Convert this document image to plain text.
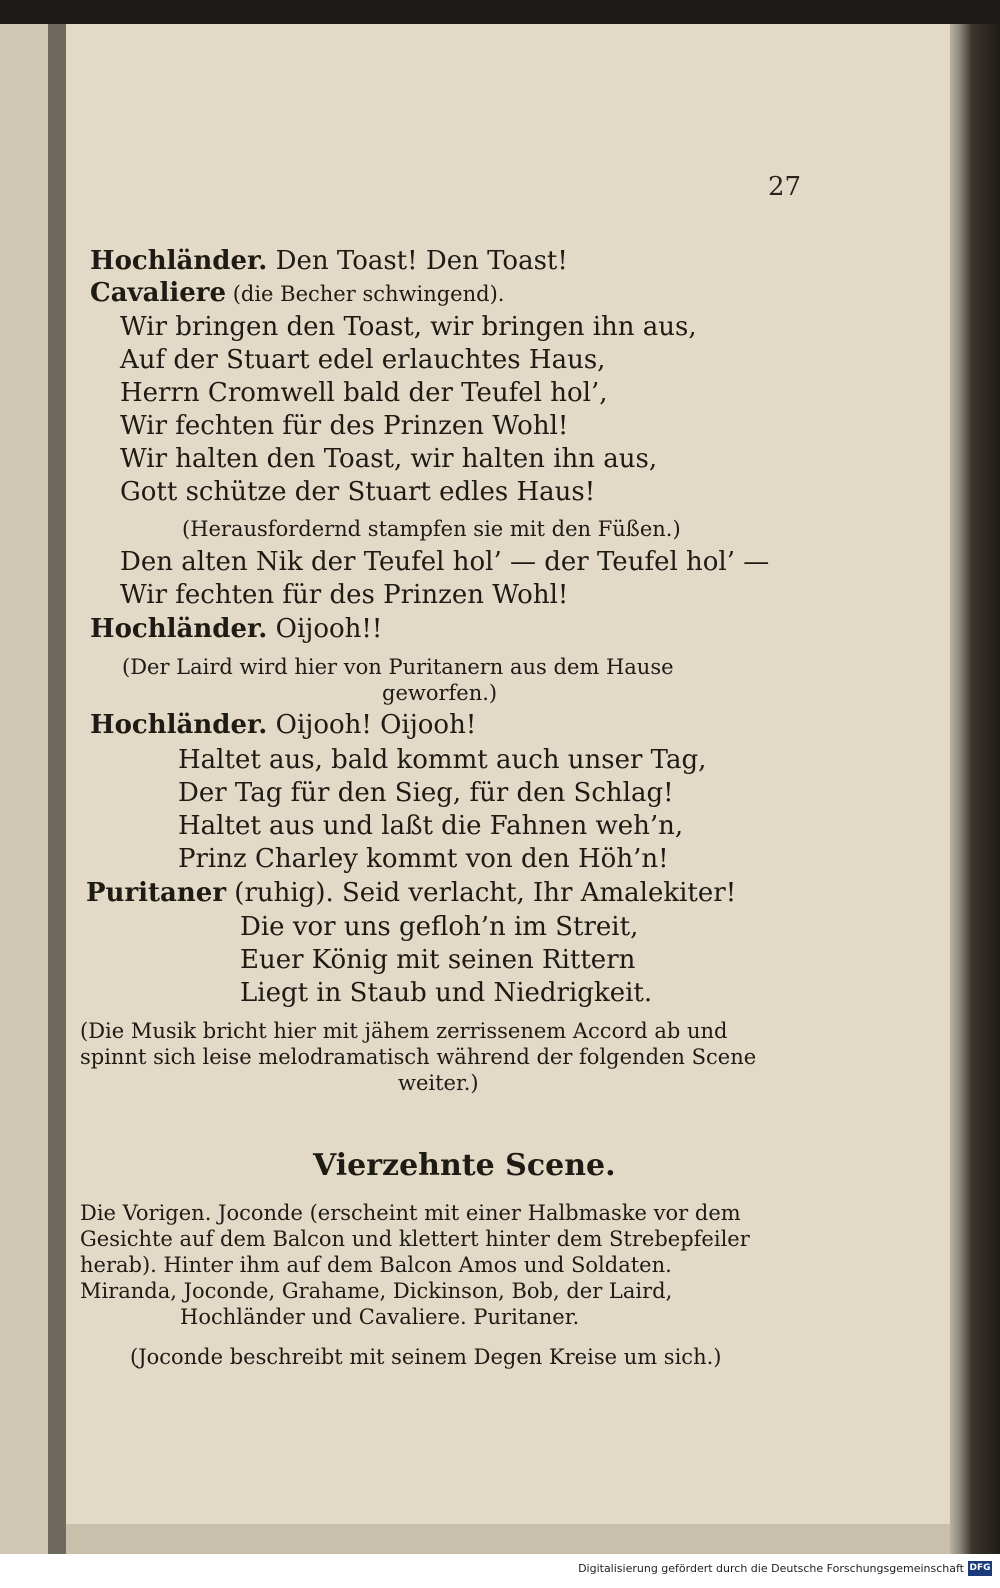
Hochländer. Den Toast! Den Toast!
Cavaliere (die Becher schwingend).
Wir bringen den Toast, wir bringen ihn aus,
Auf der Stuart edel erlauchtes Haus,
Herrn Cromwell bald der Teufel hol’,
Wir fechten für des Prinzen Wohl!
Wir halten den Toast, wir halten ihn aus,
Gott schütze der Stuart edles Haus!
(Herausfordernd stampfen sie mit den Füßen.)
Den alten Nik der Teufel hol’ — der Teufel hol’ —
Wir fechten für des Prinzen Wohl!
Hochländer. Oijooh!!
(Der Laird wird hier von Puritanern aus dem Hause
geworfen.)
Hochländer. Oijooh! Oijooh!
Haltet aus, bald kommt auch unser Tag,
Der Tag für den Sieg, für den Schlag!
Haltet aus und laßt die Fahnen weh’n,
Prinz Charley kommt von den Höh’n!
Puritaner (ruhig). Seid verlacht, Ihr Amalekiter!
Die vor uns gefloh’n im Streit,
Euer König mit seinen Rittern
Liegt in Staub und Niedrigkeit.
(Die Musik bricht hier mit jähem zerrissenem Accord ab und
spinnt sich leise melodramatisch während der folgenden Scene
weiter.)
Die Vorigen. Joconde (erscheint mit einer Halbmaske vor dem
Gesichte auf dem Balcon und klettert hinter dem Strebepfeiler
herab). Hinter ihm auf dem Balcon Amos und Soldaten.
Miranda, Joconde, Grahame, Dickinson, Bob, der Laird,
Hochländer und Cavaliere. Puritaner.
(Joconde beschreibt mit seinem Degen Kreise um sich.)
27
Vierzehnte Scene.
Digitalisierung gefördert durch die Deutsche Forschungsgemeinschaft DFG
